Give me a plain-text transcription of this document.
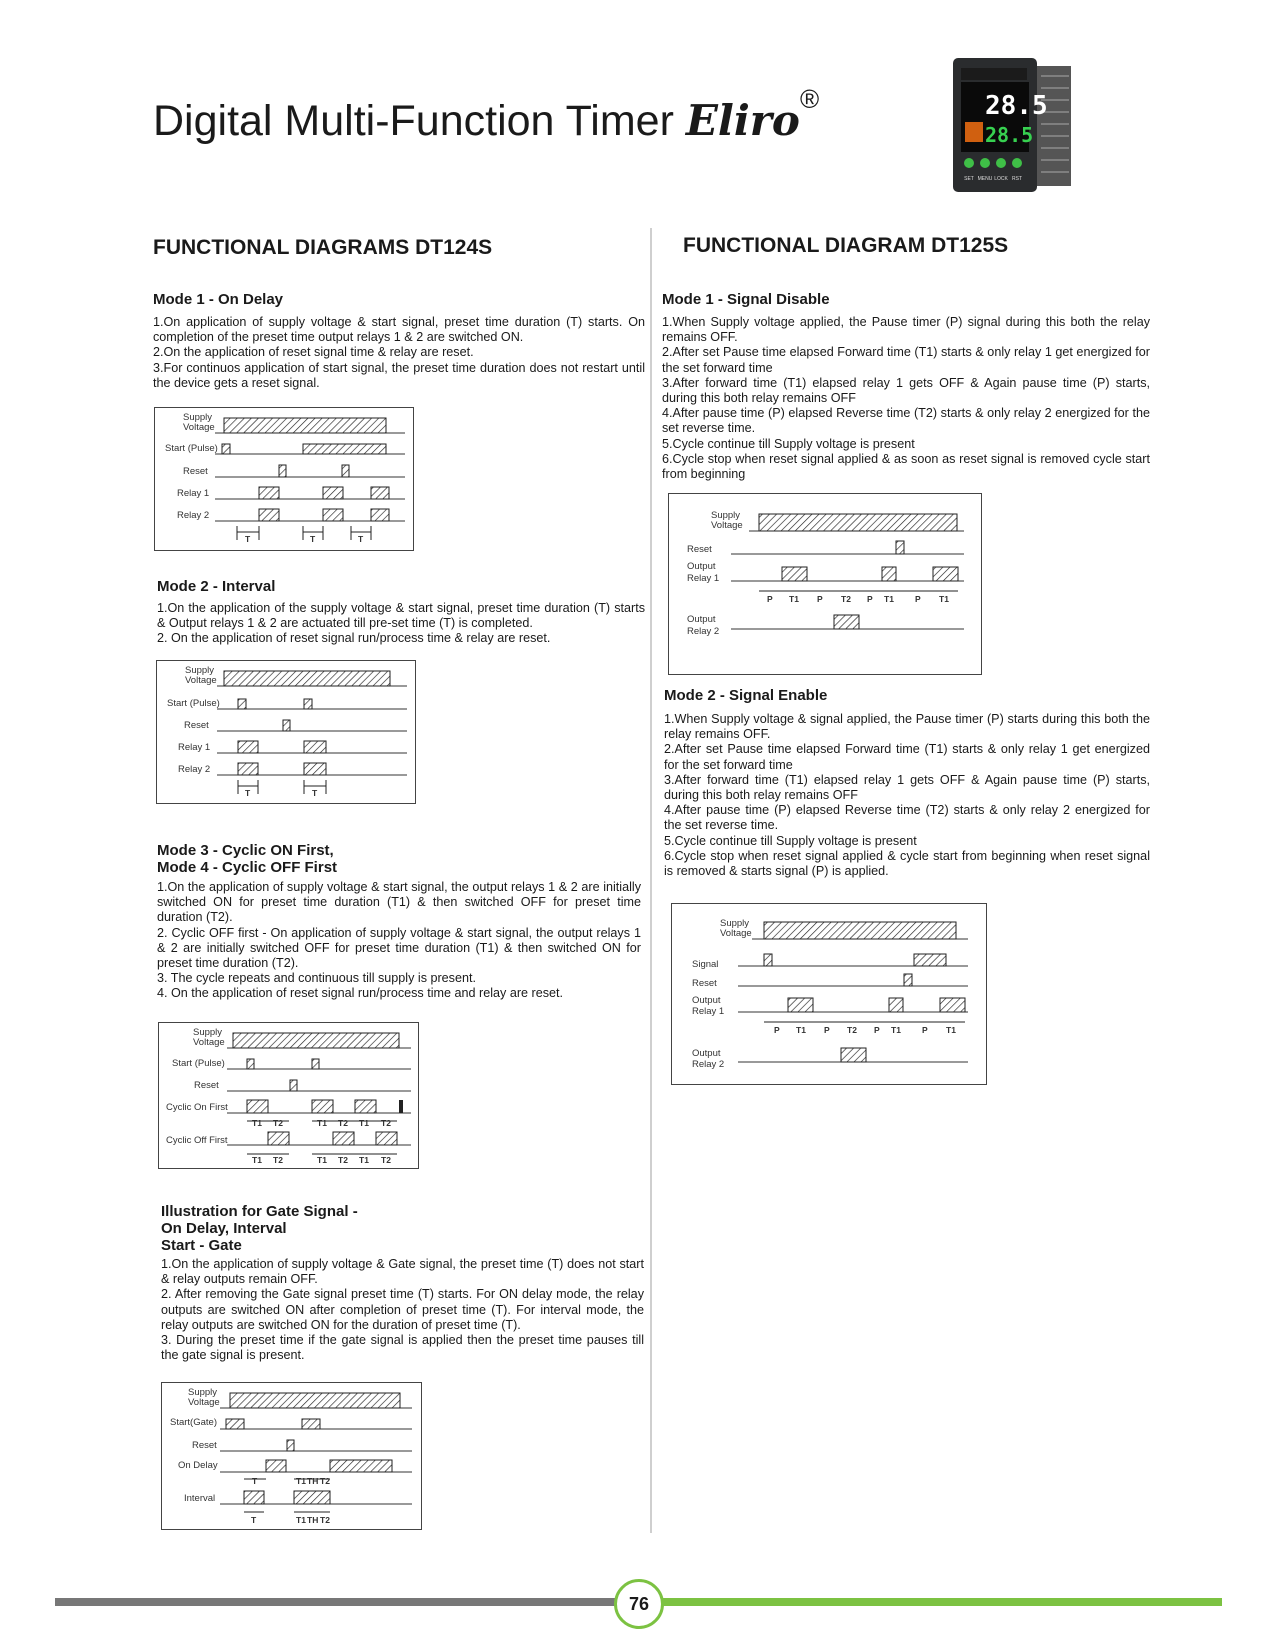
Digital Multi-Function Timer Eliro®	28.5
28.5
SET MENU LOCK RST
FUNCTIONAL DIAGRAMS DT124S	FUNCTIONAL DIAGRAM DT125S
Mode 1 - On Delay
1.On application of supply voltage & start signal, preset time duration (T) starts. On completion of the preset time output relays 1 & 2 are switched ON.
2.On the application of reset signal time & relay are reset.
3.For continuos application of start signal, the preset time duration does not restart until the device gets a reset signal.
Supply
Voltage
Start (Pulse)
Reset
Relay 1
Relay 2
T	T	T
Mode 2 - Interval
1.On the application of the supply voltage & start signal, preset time duration (T) starts & Output relays 1 & 2 are actuated till pre-set time (T) is completed.
2. On the application of reset signal run/process time & relay are reset.
Supply
Voltage
Start (Pulse)
Reset
Relay 1
Relay 2
T	T
Mode 3 - Cyclic ON First,
Mode 4 - Cyclic OFF First
1.On the application of supply voltage & start signal, the output relays 1 & 2 are initially switched ON for preset time duration (T1) & then switched OFF for preset time duration (T2).
2. Cyclic OFF first - On application of supply voltage & start signal, the output relays 1 & 2 are initially switched OFF for preset time duration (T1) & then switched ON for preset time duration (T2).
3. The cycle repeats and continuous till supply is present.
4. On the application of reset signal run/process time and relay are reset.
Supply
Voltage
Start (Pulse)
Reset
Cyclic On First
Cyclic Off First
T1 T2	T1 T2 T1 T2
T1 T2	T1 T2 T1 T2
Illustration for Gate Signal -
On Delay, Interval
Start - Gate
1.On the application of supply voltage & Gate signal, the preset time (T) does not start & relay outputs remain OFF.
2. After removing the Gate signal preset time (T) starts. For ON delay mode, the relay outputs are switched ON after completion of preset time (T). For interval mode, the relay outputs are switched ON for the duration of preset time (T).
3. During the preset time if the gate signal is applied then the preset time pauses till the gate signal is present.
Supply
Voltage
Start(Gate)
Reset
On Delay
Interval
T	T1 TH T2
T	T1 TH T2
Mode 1 - Signal Disable
1.When Supply voltage applied, the Pause timer (P) signal during this both the relay remains OFF.
2.After set Pause time elapsed Forward time (T1) starts & only relay 1 get energized for the set forward time
3.After forward time (T1) elapsed relay 1 gets OFF & Again pause time (P) starts, during this both relay remains OFF
4.After pause time (P) elapsed Reverse time (T2) starts & only relay 2 energized for the set reverse time.
5.Cycle continue till Supply voltage is present
6.Cycle stop when reset signal applied & as soon as reset signal is removed cycle start from beginning
Supply
Voltage
Reset
Output
Relay 1
Output
Relay 2
P T1 P T2 P T1 P T1
Mode 2 - Signal Enable
1.When Supply voltage & signal applied, the Pause timer (P) starts during this both the relay remains OFF.
2.After set Pause time elapsed Forward time (T1) starts & only relay 1 get energized for the set forward time
3.After forward time (T1) elapsed relay 1 gets OFF & Again pause time (P) starts, during this both relay remains OFF
4.After pause time (P) elapsed Reverse time (T2) starts & only relay 2 energized for the set reverse time.
5.Cycle continue till Supply voltage is present
6.Cycle stop when reset signal applied & cycle start from beginning when reset signal is removed & starts signal (P) is applied.
Supply
Voltage
Signal
Reset
Output
Relay 1
Output
Relay 2
P T1 P T2 P T1 P T1
76
